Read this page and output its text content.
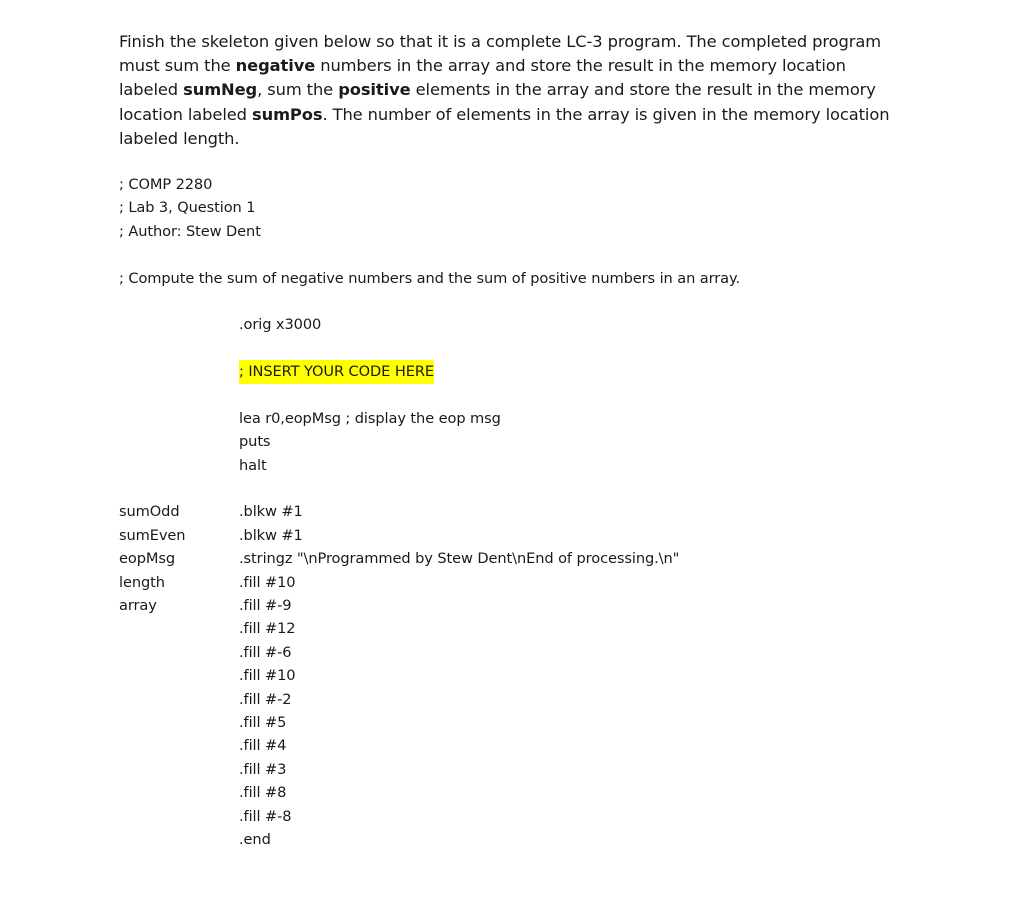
Finish the skeleton given below so that it is a complete LC-3 program. The completed program must sum the negative numbers in the array and store the result in the memory location labeled sumNeg, sum the positive elements in the array and store the result in the memory location labeled sumPos. The number of elements in the array is given in the memory location labeled length.

; COMP 2280
; Lab 3, Question 1
; Author: Stew Dent
; Compute the sum of negative numbers and the sum of positive numbers in an array.
.orig x3000
; INSERT YOUR CODE HERE
lea r0,eopMsg ; display the eop msg
puts
halt
sumOdd	.blkw #1
sumEven	.blkw #1
eopMsg	.stringz "\nProgrammed by Stew Dent\nEnd of processing.\n"
length	.fill #10
array	.fill #-9
.fill #12
.fill #-6
.fill #10
.fill #-2
.fill #5
.fill #4
.fill #3
.fill #8
.fill #-8
.end
